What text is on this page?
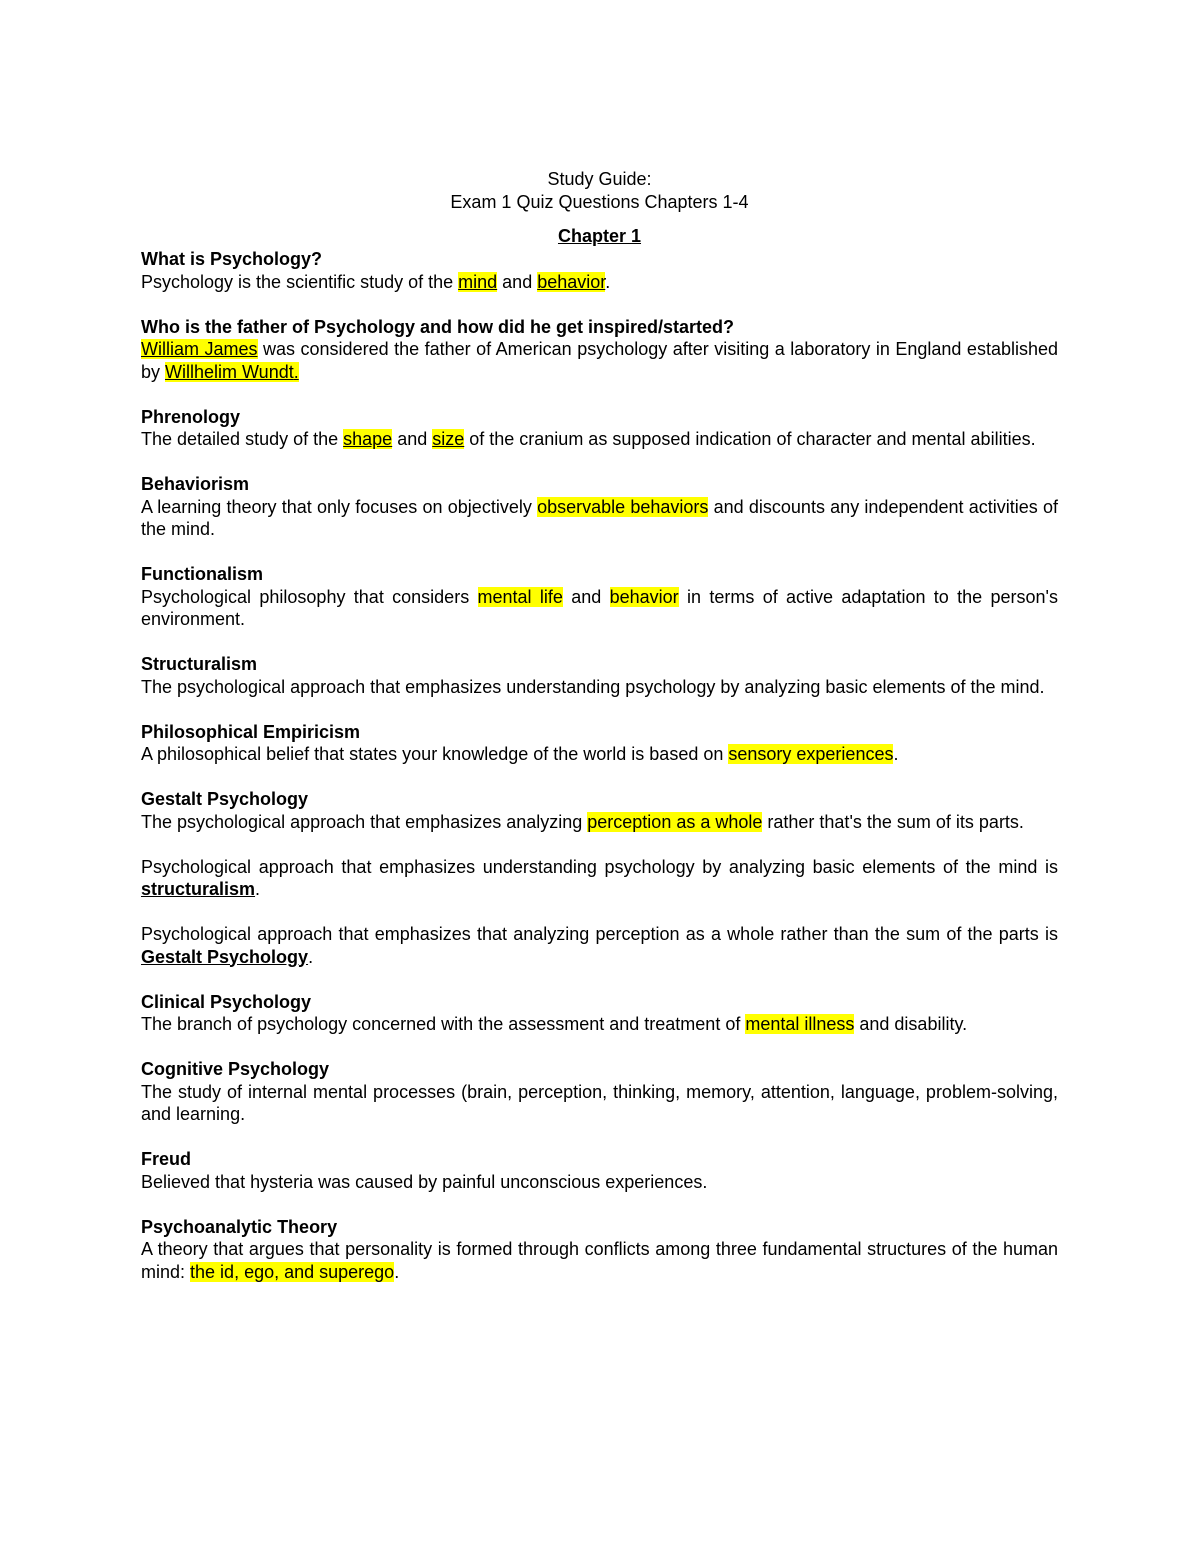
Study Guide:
Exam 1 Quiz Questions Chapters 1-4
Chapter 1
What is Psychology?
Psychology is the scientific study of the mind and behavior.
Who is the father of Psychology and how did he get inspired/started?
William James was considered the father of American psychology after visiting a laboratory in England established by Willhelim Wundt.
Phrenology
The detailed study of the shape and size of the cranium as supposed indication of character and mental abilities.
Behaviorism
A learning theory that only focuses on objectively observable behaviors and discounts any independent activities of the mind.
Functionalism
Psychological philosophy that considers mental life and behavior in terms of active adaptation to the person's environment.
Structuralism
The psychological approach that emphasizes understanding psychology by analyzing basic elements of the mind.
Philosophical Empiricism
A philosophical belief that states your knowledge of the world is based on sensory experiences.
Gestalt Psychology
The psychological approach that emphasizes analyzing perception as a whole rather that's the sum of its parts.
Psychological approach that emphasizes understanding psychology by analyzing basic elements of the mind is structuralism.
Psychological approach that emphasizes that analyzing perception as a whole rather than the sum of the parts is Gestalt Psychology.
Clinical Psychology
The branch of psychology concerned with the assessment and treatment of mental illness and disability.
Cognitive Psychology
The study of internal mental processes (brain, perception, thinking, memory, attention, language, problem-solving, and learning.
Freud
Believed that hysteria was caused by painful unconscious experiences.
Psychoanalytic Theory
A theory that argues that personality is formed through conflicts among three fundamental structures of the human mind: the id, ego, and superego.
